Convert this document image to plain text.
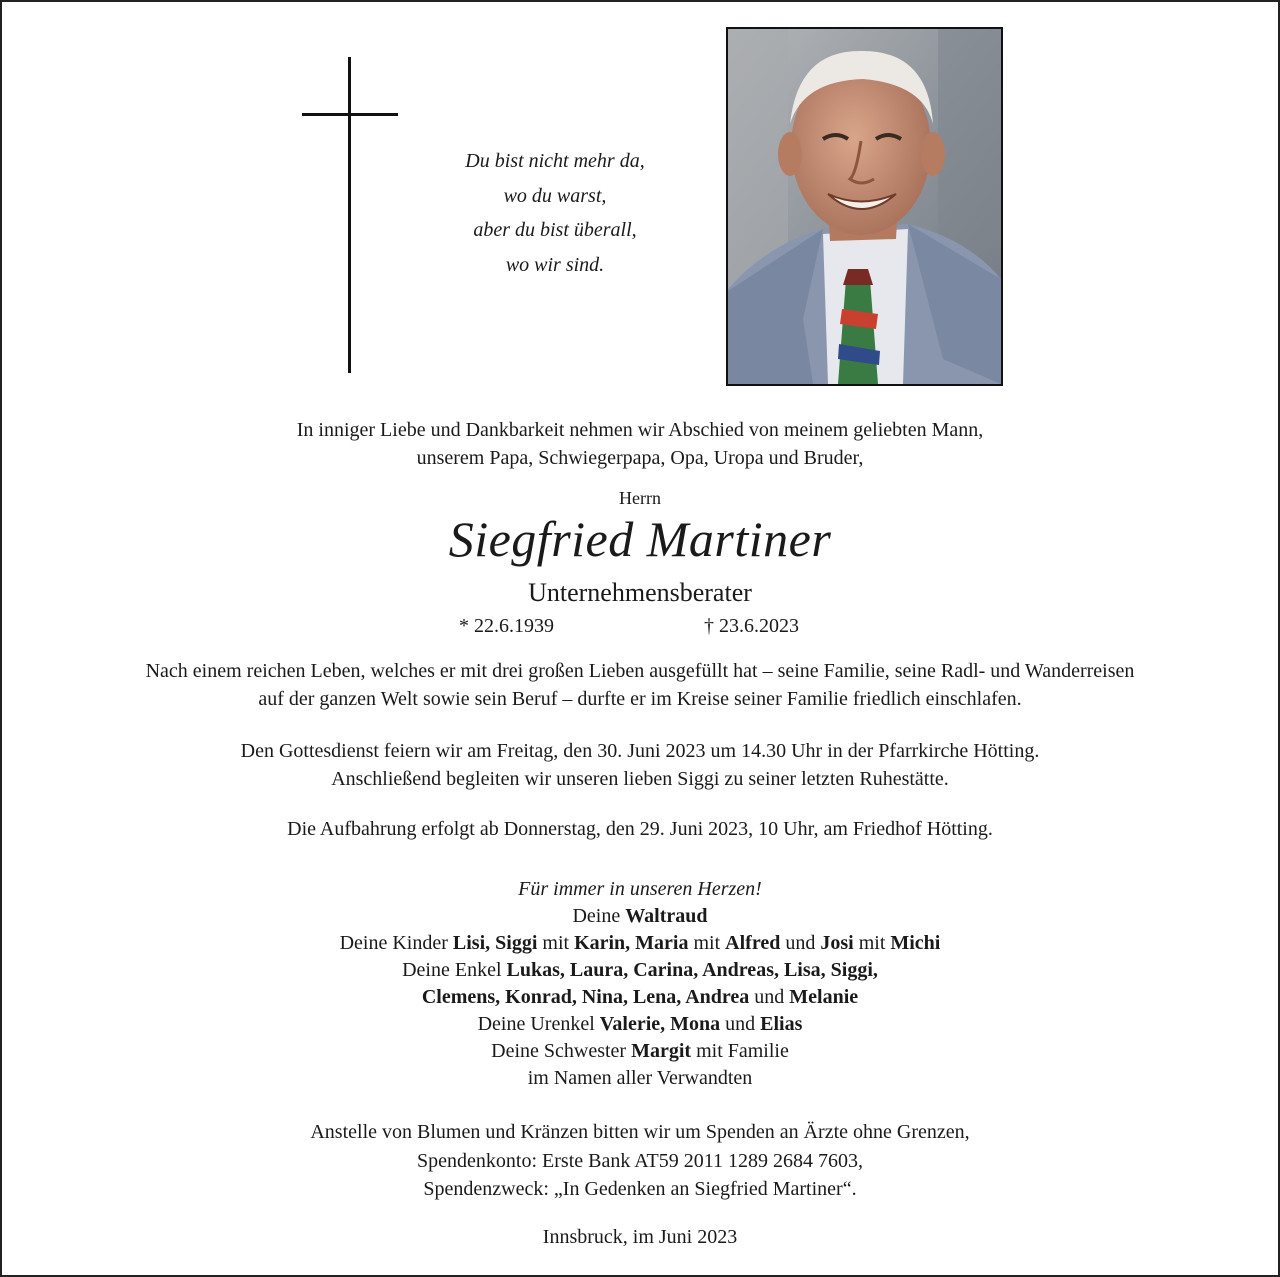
Du bist nicht mehr da,
wo du warst,
aber du bist überall,
wo wir sind.
In inniger Liebe und Dankbarkeit nehmen wir Abschied von meinem geliebten Mann,
unserem Papa, Schwiegerpapa, Opa, Uropa und Bruder,
Herrn
Siegfried Martiner
Unternehmensberater
* 22.6.1939	† 23.6.2023
Nach einem reichen Leben, welches er mit drei großen Lieben ausgefüllt hat – seine Familie, seine Radl- und Wanderreisen
auf der ganzen Welt sowie sein Beruf – durfte er im Kreise seiner Familie friedlich einschlafen.
Den Gottesdienst feiern wir am Freitag, den 30. Juni 2023 um 14.30 Uhr in der Pfarrkirche Hötting.
Anschließend begleiten wir unseren lieben Siggi zu seiner letzten Ruhestätte.
Die Aufbahrung erfolgt ab Donnerstag, den 29. Juni 2023, 10 Uhr, am Friedhof Hötting.
Für immer in unseren Herzen!
Deine Waltraud
Deine Kinder Lisi, Siggi mit Karin, Maria mit Alfred und Josi mit Michi
Deine Enkel Lukas, Laura, Carina, Andreas, Lisa, Siggi,
Clemens, Konrad, Nina, Lena, Andrea und Melanie
Deine Urenkel Valerie, Mona und Elias
Deine Schwester Margit mit Familie
im Namen aller Verwandten
Anstelle von Blumen und Kränzen bitten wir um Spenden an Ärzte ohne Grenzen,
Spendenkonto: Erste Bank AT59 2011 1289 2684 7603,
Spendenzweck: „In Gedenken an Siegfried Martiner“.
Innsbruck, im Juni 2023
